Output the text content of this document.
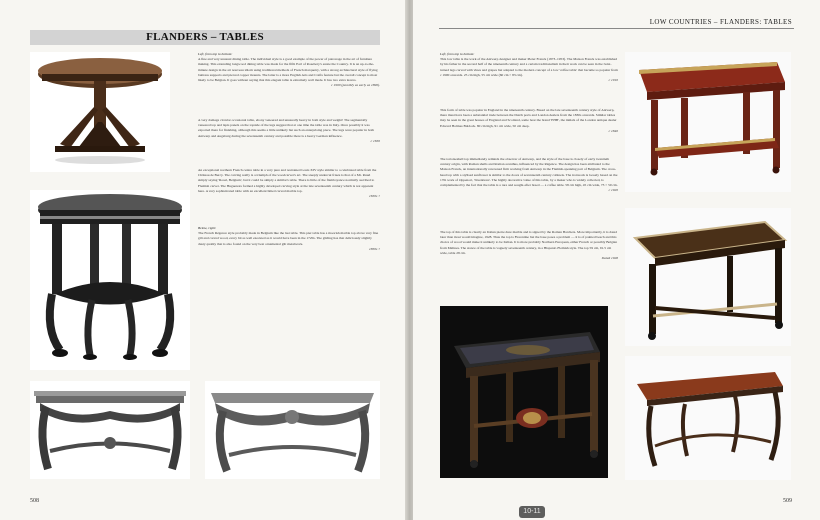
FLANDERS – TABLES
Left, from top to bottom:
A fine and very unusual dining table. The individual style is a good example of the power of patronage in the art of furniture making. This extending longwood dining table was made for the fifth Earl of Rosebery's estate the Country. It is an up-to-the-minute design in the art nouveau idiom using traditional methods of French marquetry, with a strong architectural style of flying buttress supports and pierced copper mounts. The latter is a more English Arts and Crafts feature but the overall concept is most likely to be Belgian. It goes without saying that this elegant table is extremely well made. It has two extra leaves.
c 1900 (possibly as early as 1890).
A very damage circular occasional table, ebony veneered and unusually heavy in both style and weight! The segmentally veneered top and lapis panels on the topside of the legs suggest that at one time the table was in Italy. Once possibly it was exported there for finishing, although this seems a little unlikely but such an enterprising piece. The legs were popular in both Antwerp and Augsburg during the seventeenth century and possible there is a heavy German influence.
c 1650
An exceptional northern French centre table in a very pure and restrained Louis XIV style similar to a celebrated table from the Château de Bercy. The carving really is a triumph of the woodcarver's art. The steeply undercut frieze is that of a Mr. Ruud simply saying 'Rosal, Belgium', but it could be simply a similar's table. There is little of the flamboyance normally ascribed to Flemish carver. The Huguenots formed a highly developed carving style at the late seventeenth century which is not apparent here. A very sophisticated table with an excellent limed carved marble top.
1650s ?
Below, right:
The French Régence style probably made in Belgium like the last table. This pier table has a moorish marble top above very fine gilt and carved wood, every bit as well executed as it would have been in the 1720s. The gilding has that deliciously slightly dusty quality that is also found on the very best ornamental gilt metalwork.
1850s ?
508
LOW COUNTRIES – FLANDERS: TABLES
Left, from top to bottom:
This low table is the work of the Antwerp designer and maker Pieter Franck (1873–1953). The Maison Franck was established by his father in the second half of the nineteenth century and a certain traditionalism in their work can be seen in the twist-turned legs carved with vines and grapes but adapted to the modern concept of a low 'coffee table' that became so popular from c 1900 onwards. 25 cm high, 55 cm wide (60 cm × 83 cm).
c 1910
This form of table was popular in England in the nineteenth century. Based on the late seventeenth century style of Antwerp, there must have been a substantial trade between the Dutch ports and London dealers from the 1830s onwards. Similar tables may be seen in the great houses of England and Scotland, some bear the brand 'EHB', the initials of the London antique dealer Edward Holmes Baldock. 80 cm high, 91 cm wide, 50 cm deep.
c 1840
The tortoiseshell top immediately reminds the observer of Antwerp, and the style of the base is closely of early twentieth century origin, with Roman shells and Roman acanthus, influenced by the Régence. The design has been attributed to the Maison Franck, an internationally renowned firm working from Antwerp in the Flemish-speaking part of Belgium. The cross-head top with a stylised sunflower is similar to the doors of seventeenth century cabinets. The ironwork is loosely based on the 17th work of Oppenort, 'Inventions'. The highly decorative value of this table, by a maker who is widely collected, is complemented by the fact that the table is a rare and sought-after breed — a coffee table. 58 cm high, 45 cm wide, 73 × 50 cm.
c 1920
The top of this table is clearly an Italian pietre dure marble and is signed by the Roman Barchers. More importantly, it is dated later than most would imagine, 1928. Thus the top is Florentine but the base poses a problem — it is of painted beech and this choice of wood would make it unlikely to be Italian. It is more probably Northern European, either French or possibly Belgian from Malines. The stance of the table is vaguely seventeenth century, in a Hispanic-Flemish style. The top 59 cm, 91.5 cm wide, table 28 cm.
Dated 1928
509
10-11
